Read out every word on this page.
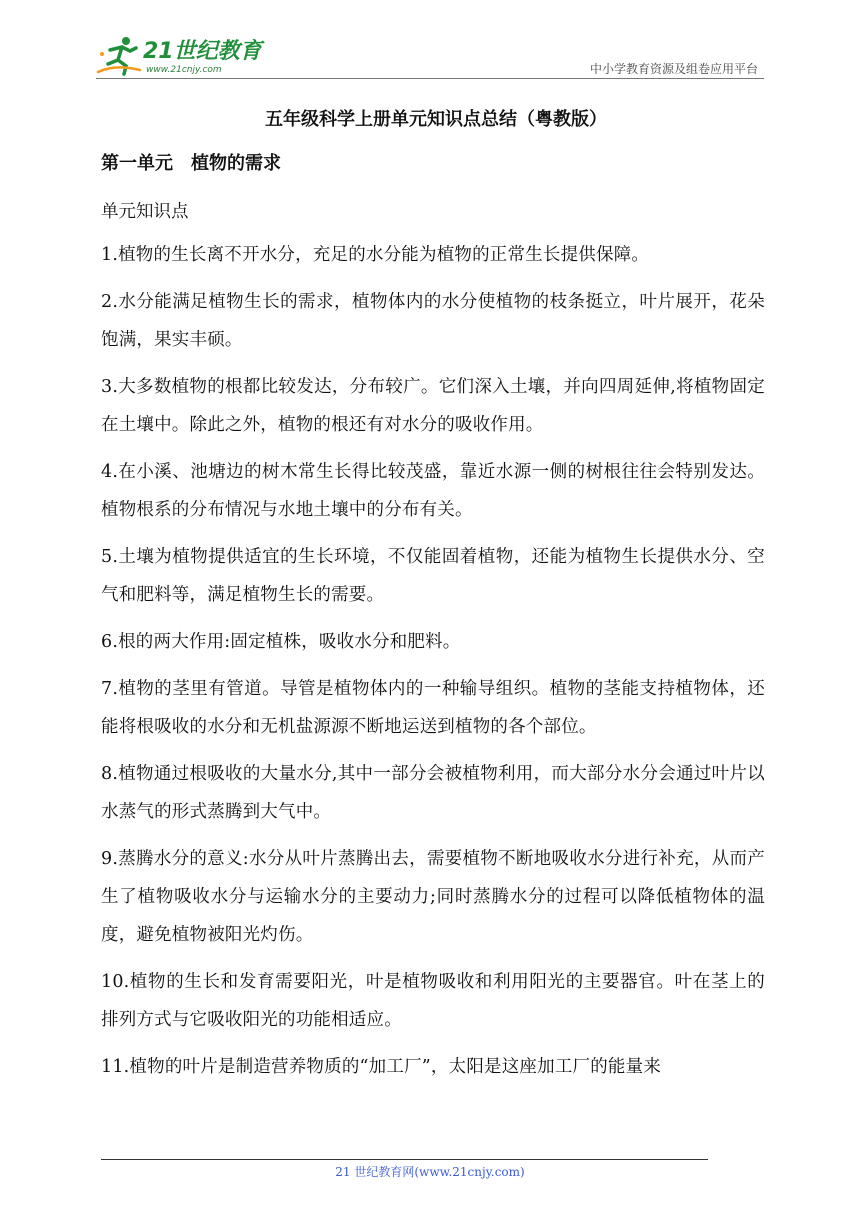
21世纪教育
www.21cnjy.com	中小学教育资源及组卷应用平台
五年级科学上册单元知识点总结（粤教版）
第一单元　植物的需求
单元知识点

1.植物的生长离不开水分，充足的水分能为植物的正常生长提供保障。

2.水分能满足植物生长的需求，植物体内的水分使植物的枝条挺立，叶片展开，花朵饱满，果实丰硕。

3.大多数植物的根都比较发达，分布较广。它们深入土壤，并向四周延伸,将植物固定在土壤中。除此之外，植物的根还有对水分的吸收作用。

4.在小溪、池塘边的树木常生长得比较茂盛，靠近水源一侧的树根往往会特别发达。植物根系的分布情况与水地土壤中的分布有关。

5.土壤为植物提供适宜的生长环境，不仅能固着植物，还能为植物生长提供水分、空气和肥料等，满足植物生长的需要。

6.根的两大作用:固定植株，吸收水分和肥料。

7.植物的茎里有管道。导管是植物体内的一种输导组织。植物的茎能支持植物体，还能将根吸收的水分和无机盐源源不断地运送到植物的各个部位。

8.植物通过根吸收的大量水分,其中一部分会被植物利用，而大部分水分会通过叶片以水蒸气的形式蒸腾到大气中。

9.蒸腾水分的意义:水分从叶片蒸腾出去，需要植物不断地吸收水分进行补充，从而产生了植物吸收水分与运输水分的主要动力;同时蒸腾水分的过程可以降低植物体的温度，避免植物被阳光灼伤。

10.植物的生长和发育需要阳光，叶是植物吸收和利用阳光的主要器官。叶在茎上的排列方式与它吸收阳光的功能相适应。

11.植物的叶片是制造营养物质的“加工厂”，太阳是这座加工厂的能量来

21 世纪教育网(www.21cnjy.com)
